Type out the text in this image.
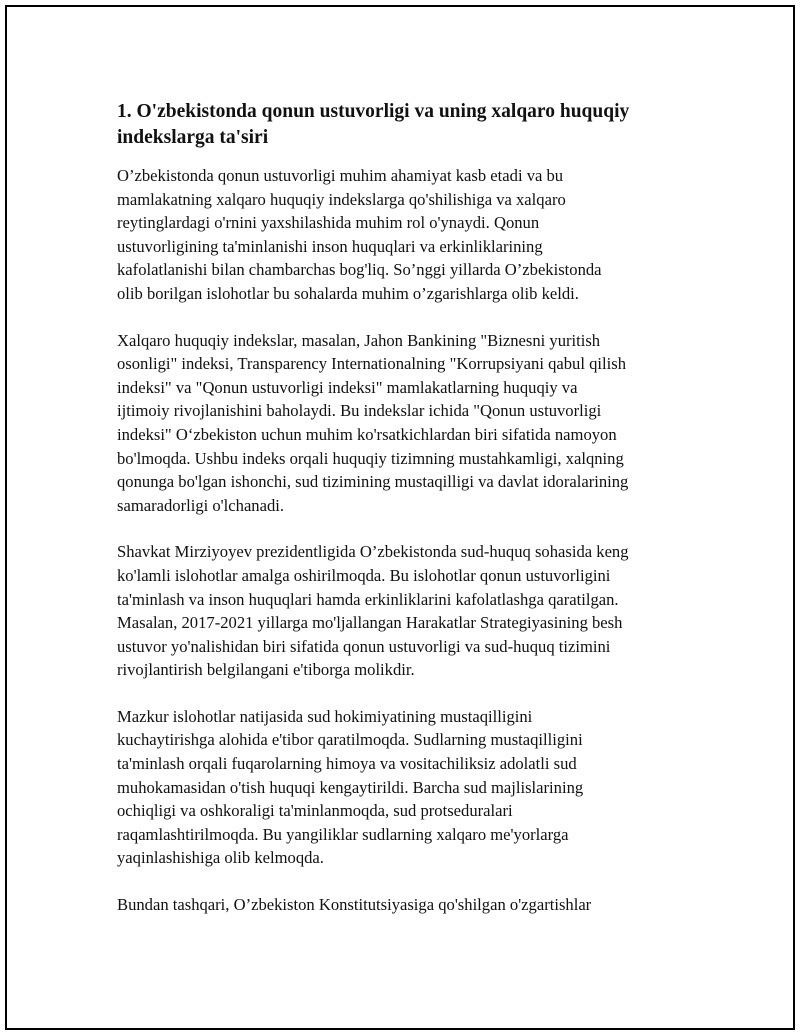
1. O'zbekistonda qonun ustuvorligi va uning xalqaro huquqiy
indekslarga ta'siri

O’zbekistonda qonun ustuvorligi muhim ahamiyat kasb etadi va bu
mamlakatning xalqaro huquqiy indekslarga qo'shilishiga va xalqaro
reytinglardagi o'rnini yaxshilashida muhim rol o'ynaydi. Qonun
ustuvorligining ta'minlanishi inson huquqlari va erkinliklarining
kafolatlanishi bilan chambarchas bog'liq. So’nggi yillarda O’zbekistonda
olib borilgan islohotlar bu sohalarda muhim o’zgarishlarga olib keldi.

Xalqaro huquqiy indekslar, masalan, Jahon Bankining "Biznesni yuritish
osonligi" indeksi, Transparency Internationalning "Korrupsiyani qabul qilish
indeksi" va "Qonun ustuvorligi indeksi" mamlakatlarning huquqiy va
ijtimoiy rivojlanishini baholaydi. Bu indekslar ichida "Qonun ustuvorligi
indeksi" O‘zbekiston uchun muhim ko'rsatkichlardan biri sifatida namoyon
bo'lmoqda. Ushbu indeks orqali huquqiy tizimning mustahkamligi, xalqning
qonunga bo'lgan ishonchi, sud tizimining mustaqilligi va davlat idoralarining
samaradorligi o'lchanadi.

Shavkat Mirziyoyev prezidentligida O’zbekistonda sud-huquq sohasida keng
ko'lamli islohotlar amalga oshirilmoqda. Bu islohotlar qonun ustuvorligini
ta'minlash va inson huquqlari hamda erkinliklarini kafolatlashga qaratilgan.
Masalan, 2017-2021 yillarga mo'ljallangan Harakatlar Strategiyasining besh
ustuvor yo'nalishidan biri sifatida qonun ustuvorligi va sud-huquq tizimini
rivojlantirish belgilangani e'tiborga molikdir.

Mazkur islohotlar natijasida sud hokimiyatining mustaqilligini
kuchaytirishga alohida e'tibor qaratilmoqda. Sudlarning mustaqilligini
ta'minlash orqali fuqarolarning himoya va vositachiliksiz adolatli sud
muhokamasidan o'tish huquqi kengaytirildi. Barcha sud majlislarining
ochiqligi va oshkoraligi ta'minlanmoqda, sud protseduralari
raqamlashtirilmoqda. Bu yangiliklar sudlarning xalqaro me'yorlarga
yaqinlashishiga olib kelmoqda.

Bundan tashqari, O’zbekiston Konstitutsiyasiga qo'shilgan o'zgartishlar
